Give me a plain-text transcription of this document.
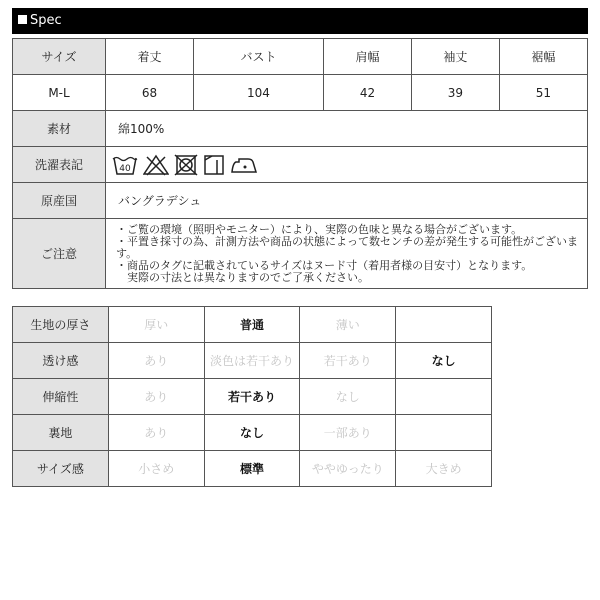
Spec
サイズ	着丈	バスト	肩幅	袖丈	裾幅
M-L	68	104	42	39	51
素材	綿100%				
洗濯表記	40				

原産国	バングラデシュ				
ご注意	・ご覧の環境（照明やモニター）により、実際の色味と異なる場合がございます。
・平置き採寸の為、計測方法や商品の状態によって数センチの差が発生する可能性がございま
す。
・商品のタグに記載されているサイズはヌード寸（着用者様の目安寸）となります。
　実際の寸法とは異なりますのでご了承ください。				
生地の厚さ	厚い	普通	薄い	
透け感	あり	淡色は若干あり	若干あり	なし
伸縮性	あり	若干あり	なし	
裏地	あり	なし	一部あり	
サイズ感	小さめ	標準	ややゆったり	大きめ
